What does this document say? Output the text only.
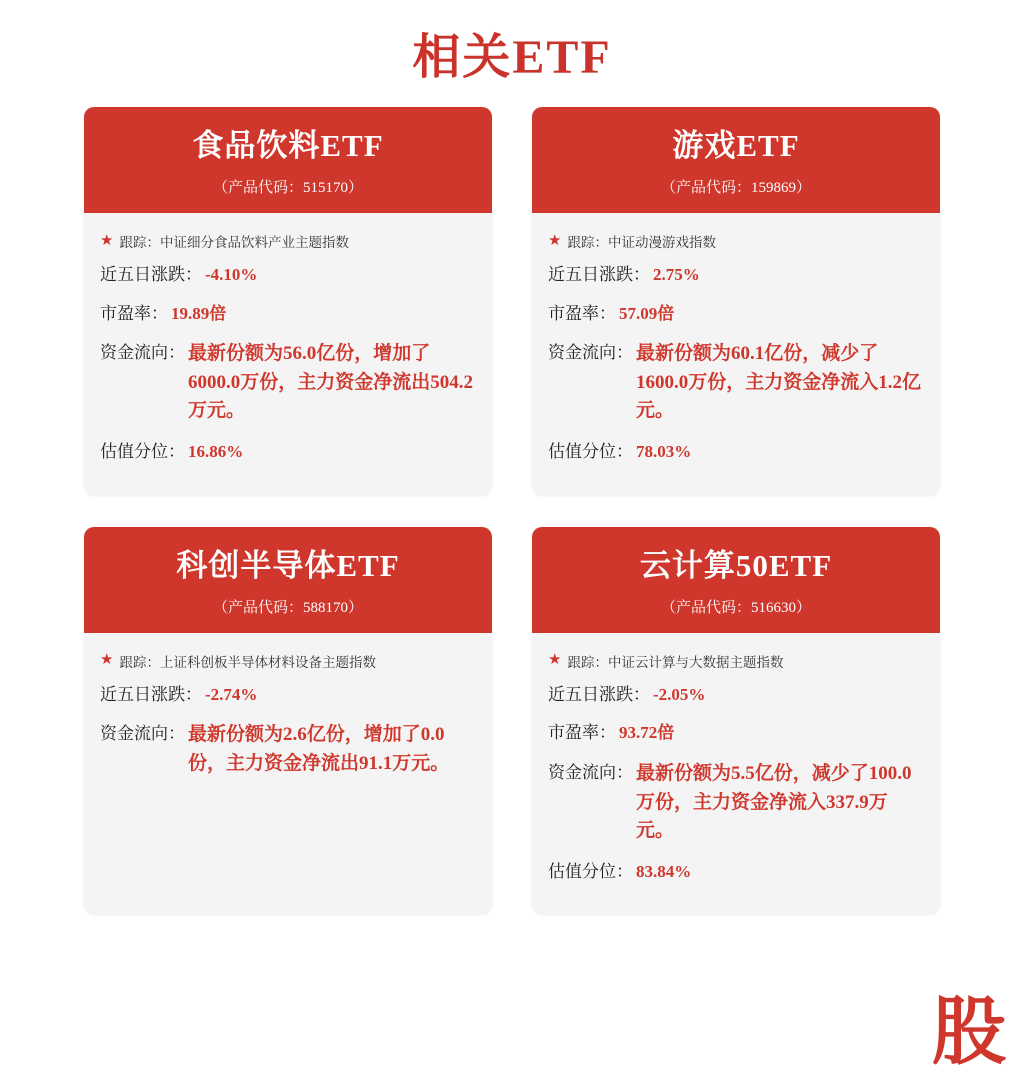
相关ETF
食品饮料ETF
（产品代码：515170）
★ 跟踪： 中证细分食品饮料产业主题指数
近五日涨跌： -4.10%
市盈率： 19.89倍
资金流向： 最新份额为56.0亿份，增加了6000.0万份，主力资金净流出504.2万元。
估值分位： 16.86%
游戏ETF
（产品代码：159869）
★ 跟踪： 中证动漫游戏指数
近五日涨跌： 2.75%
市盈率： 57.09倍
资金流向： 最新份额为60.1亿份，减少了1600.0万份，主力资金净流入1.2亿元。
估值分位： 78.03%
科创半导体ETF
（产品代码：588170）
★ 跟踪： 上证科创板半导体材料设备主题指数
近五日涨跌： -2.74%
资金流向： 最新份额为2.6亿份，增加了0.0份，主力资金净流出91.1万元。
云计算50ETF
（产品代码：516630）
★ 跟踪： 中证云计算与大数据主题指数
近五日涨跌： -2.05%
市盈率： 93.72倍
资金流向： 最新份额为5.5亿份，减少了100.0万份，主力资金净流入337.9万元。
估值分位： 83.84%
股
